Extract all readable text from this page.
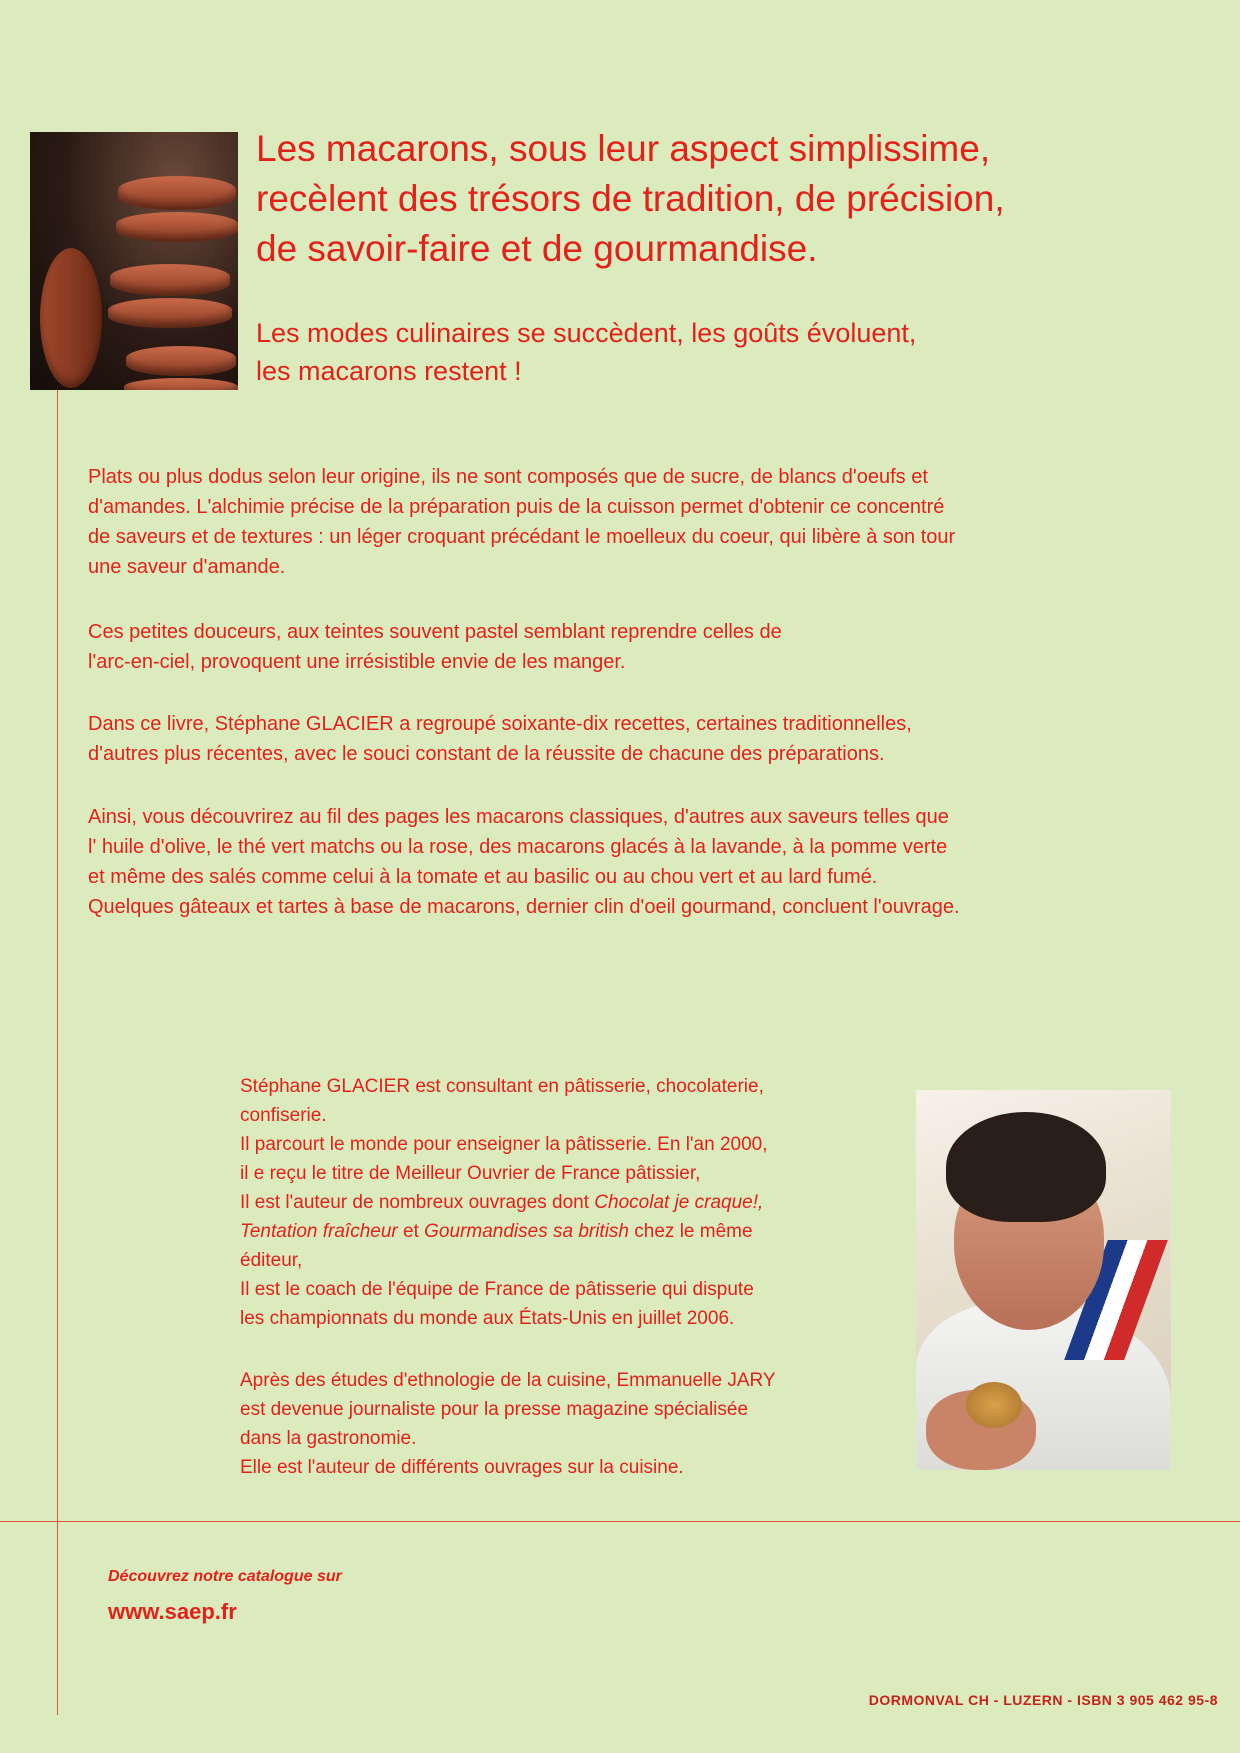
Les macarons, sous leur aspect simplissime,
recèlent des trésors de tradition, de précision,
de savoir-faire et de gourmandise.

Les modes culinaires se succèdent, les goûts évoluent,
les macarons restent !

Plats ou plus dodus selon leur origine, ils ne sont composés que de sucre, de blancs d'oeufs et
d'amandes. L'alchimie précise de la préparation puis de la cuisson permet d'obtenir ce concentré
de saveurs et de textures : un léger croquant précédant le moelleux du coeur, qui libère à son tour
une saveur d'amande.

Ces petites douceurs, aux teintes souvent pastel semblant reprendre celles de
l'arc-en-ciel, provoquent une irrésistible envie de les manger.

Dans ce livre, Stéphane GLACIER a regroupé soixante-dix recettes, certaines traditionnelles,
d'autres plus récentes, avec le souci constant de la réussite de chacune des préparations.

Ainsi, vous découvrirez au fil des pages les macarons classiques, d'autres aux saveurs telles que
l' huile d'olive, le thé vert matchs ou la rose, des macarons glacés à la lavande, à la pomme verte
et même des salés comme celui à la tomate et au basilic ou au chou vert et au lard fumé.
Quelques gâteaux et tartes à base de macarons, dernier clin d'oeil gourmand, concluent l'ouvrage.

Stéphane GLACIER est consultant en pâtisserie, chocolaterie,
confiserie.
Il parcourt le monde pour enseigner la pâtisserie. En l'an 2000,
il e reçu le titre de Meilleur Ouvrier de France pâtissier,
Il est l'auteur de nombreux ouvrages dont Chocolat je craque!,
Tentation fraîcheur et Gourmandises sa british chez le même
éditeur,
Il est le coach de l'équipe de France de pâtisserie qui dispute
les championnats du monde aux États-Unis en juillet 2006.

Après des études d'ethnologie de la cuisine, Emmanuelle JARY
est devenue journaliste pour la presse magazine spécialisée
dans la gastronomie.
Elle est l'auteur de différents ouvrages sur la cuisine.

Découvrez notre catalogue sur

www.saep.fr

DORMONVAL CH - LUZERN - ISBN 3 905 462 95-8
